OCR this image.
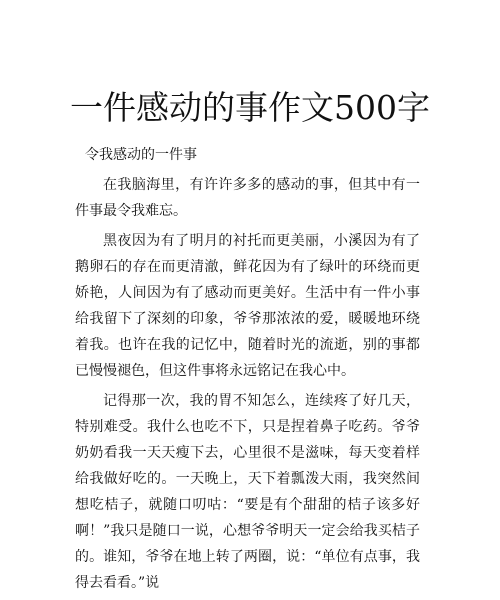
一件感动的事作文500字

令我感动的一件事

在我脑海里，有许许多多的感动的事，但其中有一件事最令我难忘。

黑夜因为有了明月的衬托而更美丽，小溪因为有了鹅卵石的存在而更清澈，鲜花因为有了绿叶的环绕而更娇艳，人间因为有了感动而更美好。生活中有一件小事给我留下了深刻的印象，爷爷那浓浓的爱，暖暖地环绕着我。也许在我的记忆中，随着时光的流逝，别的事都已慢慢褪色，但这件事将永远铭记在我心中。

记得那一次，我的胃不知怎么，连续疼了好几天，特别难受。我什么也吃不下，只是捏着鼻子吃药。爷爷奶奶看我一天天瘦下去，心里很不是滋味，每天变着样给我做好吃的。一天晚上，天下着瓢泼大雨，我突然间想吃桔子，就随口叨咕：“要是有个甜甜的桔子该多好啊！”我只是随口一说，心想爷爷明天一定会给我买桔子的。谁知，爷爷在地上转了两圈，说：“单位有点事，我得去看看。”说
